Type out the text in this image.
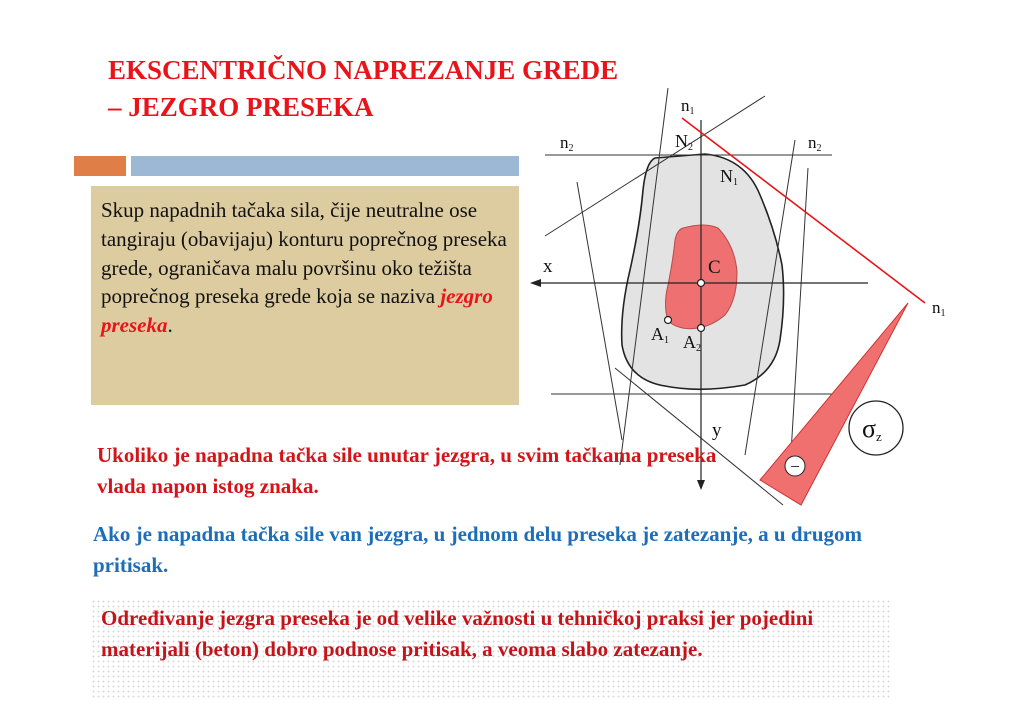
EKSCENTRIČNO NAPREZANJE GREDE
– JEZGRO PRESEKA
Skup napadnih tačaka sila, čije neutralne ose tangiraju (obavijaju) konturu poprečnog preseka grede, ograničava malu površinu oko težišta poprečnog preseka grede koja se naziva jezgro preseka.
−
σz
n1
n2	N2	n2
N1
x	C
n1
A1 A2
y
Ukoliko je napadna tačka sile unutar jezgra, u svim tačkama preseka vlada napon istog znaka.
Ako je napadna tačka sile van jezgra, u jednom delu preseka je zatezanje, a u drugom pritisak.
Određivanje jezgra preseka je od velike važnosti u tehničkoj praksi jer pojedini materijali (beton) dobro podnose pritisak, a veoma slabo zatezanje.
